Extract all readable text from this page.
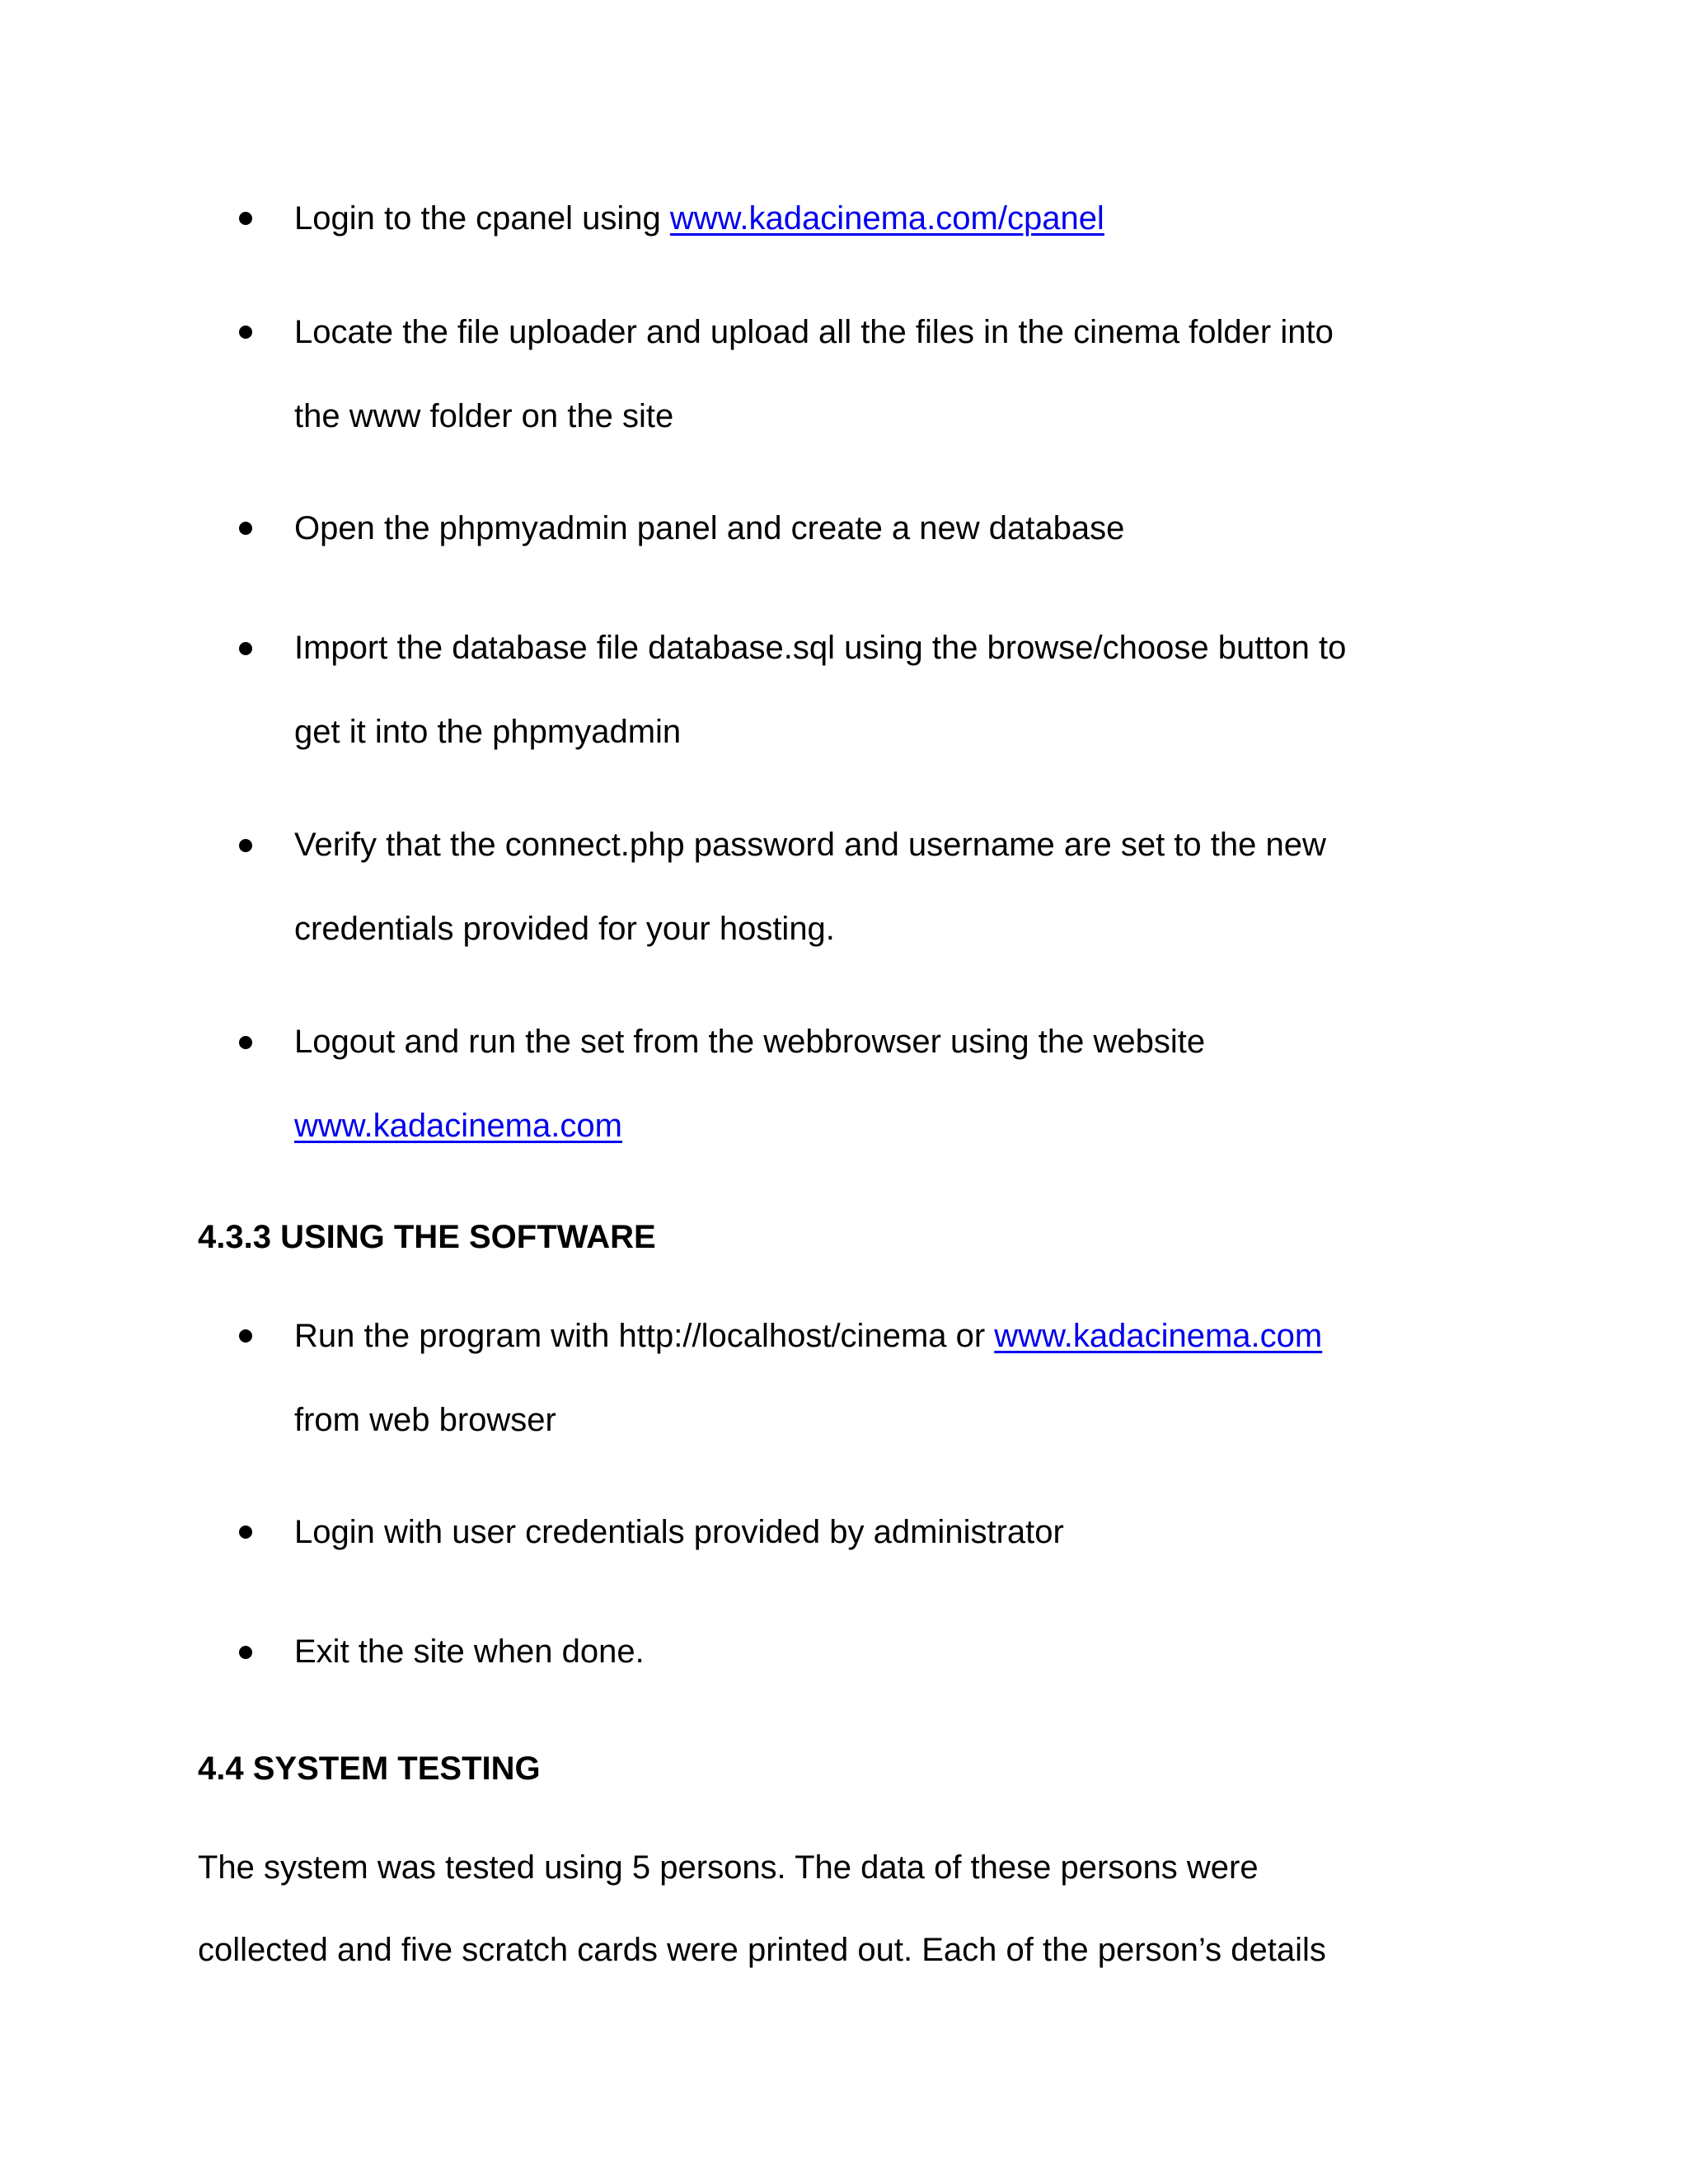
Login to the cpanel using www.kadacinema.com/cpanel
Locate the file uploader and upload all the files in the cinema folder into
the www folder on the site
Open the phpmyadmin panel and create a new database
Import the database file database.sql using the browse/choose button to
get it into the phpmyadmin
Verify that the connect.php password and username are set to the new
credentials provided for your hosting.
Logout and run the set from the webbrowser using the website
www.kadacinema.com
4.3.3 USING THE SOFTWARE
Run the program with http://localhost/cinema or www.kadacinema.com
from web browser
Login with user credentials provided by administrator
Exit the site when done.
4.4 SYSTEM TESTING
The system was tested using 5 persons. The data of these persons were
collected and five scratch cards were printed out. Each of the person’s details
